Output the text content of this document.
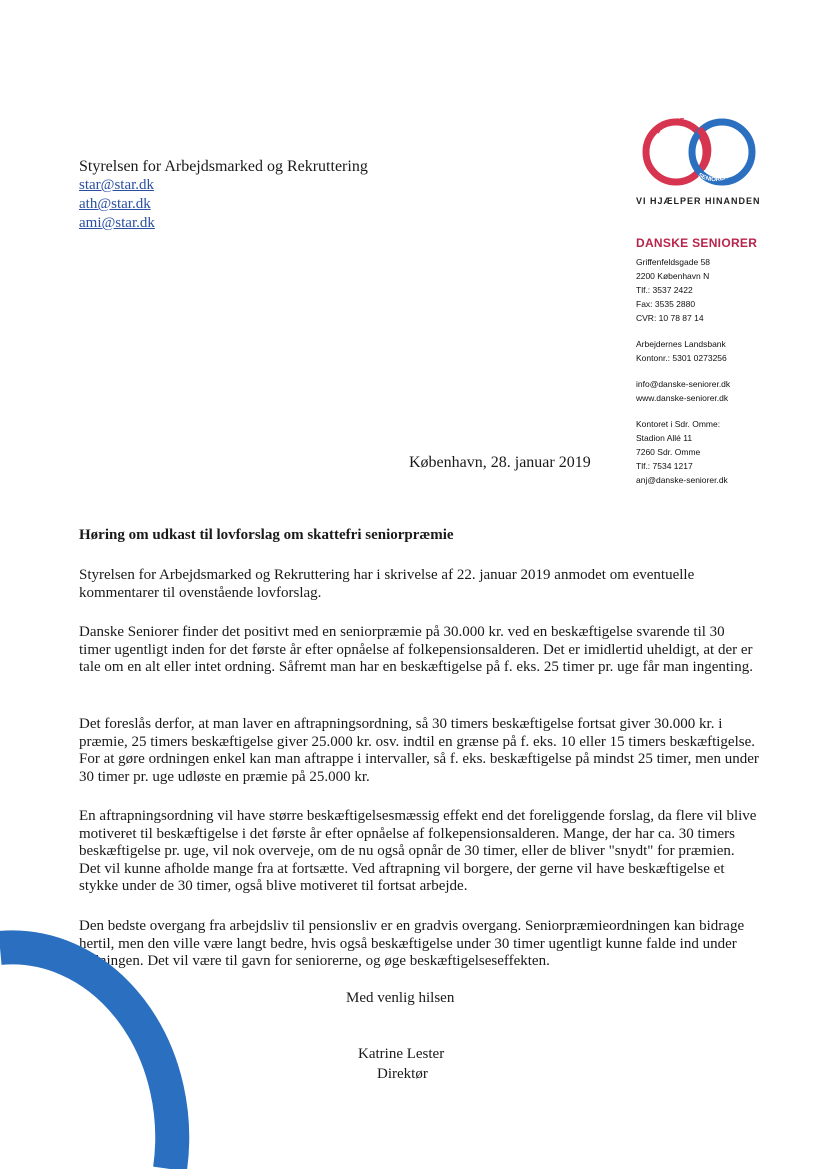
Styrelsen for Arbejdsmarked og Rekruttering
star@star.dk
ath@star.dk
ami@star.dk
DANSKE
SENIORER
VI HJÆLPER HINANDEN
DANSKE SENIORER
Griffenfeldsgade 58
2200 København N
Tlf.: 3537 2422
Fax: 3535 2880
CVR: 10 78 87 14
Arbejdernes Landsbank
Kontonr.: 5301 0273256
info@danske-seniorer.dk
www.danske-seniorer.dk
Kontoret i Sdr. Omme:
Stadion Allé 11
7260 Sdr. Omme
Tlf.: 7534 1217
anj@danske-seniorer.dk
København, 28. januar 2019
Høring om udkast til lovforslag om skattefri seniorpræmie

Styrelsen for Arbejdsmarked og Rekruttering har i skrivelse af 22. januar 2019 anmodet om eventuelle kommentarer til ovenstående lovforslag.

Danske Seniorer finder det positivt med en seniorpræmie på 30.000 kr. ved en beskæftigelse svarende til 30 timer ugentligt inden for det første år efter opnåelse af folkepensionsalderen. Det er imidlertid uheldigt, at der er tale om en alt eller intet ordning. Såfremt man har en beskæftigelse på f. eks. 25 timer pr. uge får man ingenting.

Det foreslås derfor, at man laver en aftrapningsordning, så 30 timers beskæftigelse fortsat giver 30.000 kr. i præmie, 25 timers beskæftigelse giver 25.000 kr. osv. indtil en grænse på f. eks. 10 eller 15 timers beskæftigelse. For at gøre ordningen enkel kan man aftrappe i intervaller, så f. eks. beskæftigelse på mindst 25 timer, men under 30 timer pr. uge udløste en præmie på 25.000 kr.

En aftrapningsordning vil have større beskæftigelsesmæssig effekt end det foreliggende forslag, da flere vil blive motiveret til beskæftigelse i det første år efter opnåelse af folkepensionsalderen. Mange, der har ca. 30 timers beskæftigelse pr. uge, vil nok overveje, om de nu også opnår de 30 timer, eller de bliver "snydt" for præmien. Det vil kunne afholde mange fra at fortsætte. Ved aftrapning vil borgere, der gerne vil have beskæftigelse et stykke under de 30 timer, også blive motiveret til fortsat arbejde.

Den bedste overgang fra arbejdsliv til pensionsliv er en gradvis overgang. Seniorpræmieordningen kan bidrage hertil, men den ville være langt bedre, hvis også beskæftigelse under 30 timer ugentligt kunne falde ind under ordningen. Det vil være til gavn for seniorerne, og øge beskæftigelseseffekten.

Med venlig hilsen
Katrine Lester
Direktør
